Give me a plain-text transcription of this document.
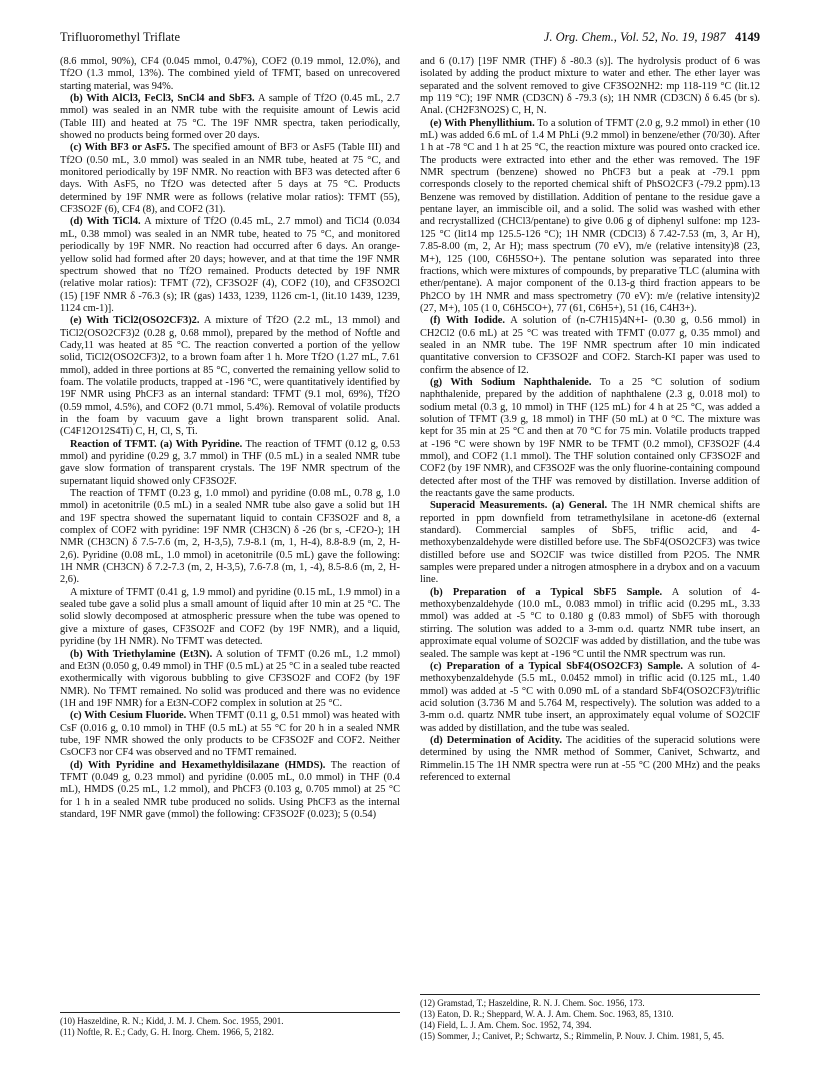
Trifluoromethyl Triflate	J. Org. Chem., Vol. 52, No. 19, 1987 4149

(8.6 mmol, 90%), CF4 (0.045 mmol, 0.47%), COF2 (0.19 mmol, 12.0%), and Tf2O (1.3 mmol, 13%). The combined yield of TFMT, based on unrecovered starting material, was 94%.

(b) With AlCl3, FeCl3, SnCl4 and SbF3. A sample of Tf2O (0.45 mL, 2.7 mmol) was sealed in an NMR tube with the requisite amount of Lewis acid (Table III) and heated at 75 °C. The 19F NMR spectra, taken periodically, showed no products being formed over 20 days.

(c) With BF3 or AsF5. The specified amount of BF3 or AsF5 (Table III) and Tf2O (0.50 mL, 3.0 mmol) was sealed in an NMR tube, heated at 75 °C, and monitored periodically by 19F NMR. No reaction with BF3 was detected after 6 days. With AsF5, no Tf2O was detected after 5 days at 75 °C. Products determined by 19F NMR were as follows (relative molar ratios): TFMT (55), CF3SO2F (6), CF4 (8), and COF2 (31).

(d) With TiCl4. A mixture of Tf2O (0.45 mL, 2.7 mmol) and TiCl4 (0.034 mL, 0.38 mmol) was sealed in an NMR tube, heated to 75 °C, and monitored periodically by 19F NMR. No reaction had occurred after 6 days. An orange-yellow solid had formed after 20 days; however, and at that time the 19F NMR spectrum showed that no Tf2O remained. Products detected by 19F NMR (relative molar ratios): TFMT (72), CF3SO2F (4), COF2 (10), and CF3SO2Cl (15) [19F NMR δ -76.3 (s); IR (gas) 1433, 1239, 1126 cm-1, (lit.10 1439, 1239, 1124 cm-1)].

(e) With TiCl2(OSO2CF3)2. A mixture of Tf2O (2.2 mL, 13 mmol) and TiCl2(OSO2CF3)2 (0.28 g, 0.68 mmol), prepared by the method of Noftle and Cady,11 was heated at 85 °C. The reaction converted a portion of the yellow solid, TiCl2(OSO2CF3)2, to a brown foam after 1 h. More Tf2O (1.27 mL, 7.61 mmol), added in three portions at 85 °C, converted the remaining yellow solid to foam. The volatile products, trapped at -196 °C, were quantitatively identified by 19F NMR using PhCF3 as an internal standard: TFMT (9.1 mol, 69%), Tf2O (0.59 mmol, 4.5%), and COF2 (0.71 mmol, 5.4%). Removal of volatile products in the foam by vacuum gave a light brown transparent solid. Anal. (C4F12O12S4Ti) C, H, Cl, S, Ti.

Reaction of TFMT. (a) With Pyridine. The reaction of TFMT (0.12 g, 0.53 mmol) and pyridine (0.29 g, 3.7 mmol) in THF (0.5 mL) in a sealed NMR tube gave slow formation of transparent crystals. The 19F NMR spectrum of the supernatant liquid showed only CF3SO2F.

The reaction of TFMT (0.23 g, 1.0 mmol) and pyridine (0.08 mL, 0.78 g, 1.0 mmol) in acetonitrile (0.5 mL) in a sealed NMR tube also gave a solid but 1H and 19F spectra showed the supernatant liquid to contain CF3SO2F and 8, a complex of COF2 with pyridine: 19F NMR (CH3CN) δ -26 (br s, -CF2O-); 1H NMR (CH3CN) δ 7.5-7.6 (m, 2, H-3,5), 7.9-8.1 (m, 1, H-4), 8.8-8.9 (m, 2, H-2,6). Pyridine (0.08 mL, 1.0 mmol) in acetonitrile (0.5 mL) gave the following: 1H NMR (CH3CN) δ 7.2-7.3 (m, 2, H-3,5), 7.6-7.8 (m, 1, -4), 8.5-8.6 (m, 2, H-2,6).

A mixture of TFMT (0.41 g, 1.9 mmol) and pyridine (0.15 mL, 1.9 mmol) in a sealed tube gave a solid plus a small amount of liquid after 10 min at 25 °C. The solid slowly decomposed at atmospheric pressure when the tube was opened to give a mixture of gases, CF3SO2F and COF2 (by 19F NMR), and a liquid, pyridine (by 1H NMR). No TFMT was detected.

(b) With Triethylamine (Et3N). A solution of TFMT (0.26 mL, 1.2 mmol) and Et3N (0.050 g, 0.49 mmol) in THF (0.5 mL) at 25 °C in a sealed tube reacted exothermically with vigorous bubbling to give CF3SO2F and COF2 (by 19F NMR). No TFMT remained. No solid was produced and there was no evidence (1H and 19F NMR) for a Et3N-COF2 complex in solution at 25 °C.

(c) With Cesium Fluoride. When TFMT (0.11 g, 0.51 mmol) was heated with CsF (0.016 g, 0.10 mmol) in THF (0.5 mL) at 55 °C for 20 h in a sealed NMR tube, 19F NMR showed the only products to be CF3SO2F and COF2. Neither CsOCF3 nor CF4 was observed and no TFMT remained.

(d) With Pyridine and Hexamethyldisilazane (HMDS). The reaction of TFMT (0.049 g, 0.23 mmol) and pyridine (0.005 mL, 0.0 mmol) in THF (0.4 mL), HMDS (0.25 mL, 1.2 mmol), and PhCF3 (0.103 g, 0.705 mmol) at 25 °C for 1 h in a sealed NMR tube produced no solids. Using PhCF3 as the internal standard, 19F NMR gave (mmol) the following: CF3SO2F (0.023); 5 (0.54)

(10) Haszeldine, R. N.; Kidd, J. M. J. Chem. Soc. 1955, 2901.
(11) Noftle, R. E.; Cady, G. H. Inorg. Chem. 1966, 5, 2182.

and 6 (0.17) [19F NMR (THF) δ -80.3 (s)]. The hydrolysis product of 6 was isolated by adding the product mixture to water and ether. The ether layer was separated and the solvent removed to give CF3SO2NH2: mp 118-119 °C (lit.12 mp 119 °C); 19F NMR (CD3CN) δ -79.3 (s); 1H NMR (CD3CN) δ 6.45 (br s). Anal. (CH2F3NO2S) C, H, N.

(e) With Phenyllithium. To a solution of TFMT (2.0 g, 9.2 mmol) in ether (10 mL) was added 6.6 mL of 1.4 M PhLi (9.2 mmol) in benzene/ether (70/30). After 1 h at -78 °C and 1 h at 25 °C, the reaction mixture was poured onto cracked ice. The products were extracted into ether and the ether was removed. The 19F NMR spectrum (benzene) showed no PhCF3 but a peak at -79.1 ppm corresponds closely to the reported chemical shift of PhSO2CF3 (-79.2 ppm).13 Benzene was removed by distillation. Addition of pentane to the residue gave a pentane layer, an immiscible oil, and a solid. The solid was washed with ether and recrystallized (CHCl3/pentane) to give 0.06 g of diphenyl sulfone: mp 123-125 °C (lit14 mp 125.5-126 °C); 1H NMR (CDCl3) δ 7.42-7.53 (m, 3, Ar H), 7.85-8.00 (m, 2, Ar H); mass spectrum (70 eV), m/e (relative intensity)8 (23, M+), 125 (100, C6H5SO+). The pentane solution was separated into three fractions, which were mixtures of compounds, by preparative TLC (alumina with ether/pentane). A major component of the 0.13-g third fraction appears to be Ph2CO by 1H NMR and mass spectrometry (70 eV): m/e (relative intensity)2 (27, M+), 105 (1 0, C6H5CO+), 77 (61, C6H5+), 51 (16, C4H3+).

(f) With Iodide. A solution of (n-C7H15)4N+I- (0.30 g, 0.56 mmol) in CH2Cl2 (0.6 mL) at 25 °C was treated with TFMT (0.077 g, 0.35 mmol) and sealed in an NMR tube. The 19F NMR spectrum after 10 min indicated quantitative conversion to CF3SO2F and COF2. Starch-KI paper was used to confirm the absence of I2.

(g) With Sodium Naphthalenide. To a 25 °C solution of sodium naphthalenide, prepared by the addition of naphthalene (2.3 g, 0.018 mol) to sodium metal (0.3 g, 10 mmol) in THF (125 mL) for 4 h at 25 °C, was added a solution of TFMT (3.9 g, 18 mmol) in THF (50 mL) at 0 °C. The mixture was kept for 35 min at 25 °C and then at 70 °C for 75 min. Volatile products trapped at -196 °C were shown by 19F NMR to be TFMT (0.2 mmol), CF3SO2F (4.4 mmol), and COF2 (1.1 mmol). The THF solution contained only CF3SO2F and COF2 (by 19F NMR), and CF3SO2F was the only fluorine-containing compound detected after most of the THF was removed by distillation. Inverse addition of the reactants gave the same products.

Superacid Measurements. (a) General. The 1H NMR chemical shifts are reported in ppm downfield from tetramethylsilane in acetone-d6 (external standard). Commercial samples of SbF5, triflic acid, and 4-methoxybenzaldehyde were distilled before use. The SbF4(OSO2CF3) was twice distilled before use and SO2ClF was twice distilled from P2O5. The NMR samples were prepared under a nitrogen atmosphere in a drybox and on a vacuum line.

(b) Preparation of a Typical SbF5 Sample. A solution of 4-methoxybenzaldehyde (10.0 mL, 0.083 mmol) in triflic acid (0.295 mL, 3.33 mmol) was added at -5 °C to 0.180 g (0.83 mmol) of SbF5 with thorough stirring. The solution was added to a 3-mm o.d. quartz NMR tube insert, an approximate equal volume of SO2ClF was added by distillation, and the tube was sealed. The sample was kept at -196 °C until the NMR spectrum was run.

(c) Preparation of a Typical SbF4(OSO2CF3) Sample. A solution of 4-methoxybenzaldehyde (5.5 mL, 0.0452 mmol) in triflic acid (0.125 mL, 1.40 mmol) was added at -5 °C with 0.090 mL of a standard SbF4(OSO2CF3)/triflic acid solution (3.736 M and 5.764 M, respectively). The solution was added to a 3-mm o.d. quartz NMR tube insert, an approximately equal volume of SO2ClF was added by distillation, and the tube was sealed.

(d) Determination of Acidity. The acidities of the superacid solutions were determined by using the NMR method of Sommer, Canivet, Schwartz, and Rimmelin.15 The 1H NMR spectra were run at -55 °C (200 MHz) and the peaks referenced to external

(12) Gramstad, T.; Haszeldine, R. N. J. Chem. Soc. 1956, 173.
(13) Eaton, D. R.; Sheppard, W. A. J. Am. Chem. Soc. 1963, 85, 1310.
(14) Field, L. J. Am. Chem. Soc. 1952, 74, 394.
(15) Sommer, J.; Canivet, P.; Schwartz, S.; Rimmelin, P. Nouv. J. Chim. 1981, 5, 45.
